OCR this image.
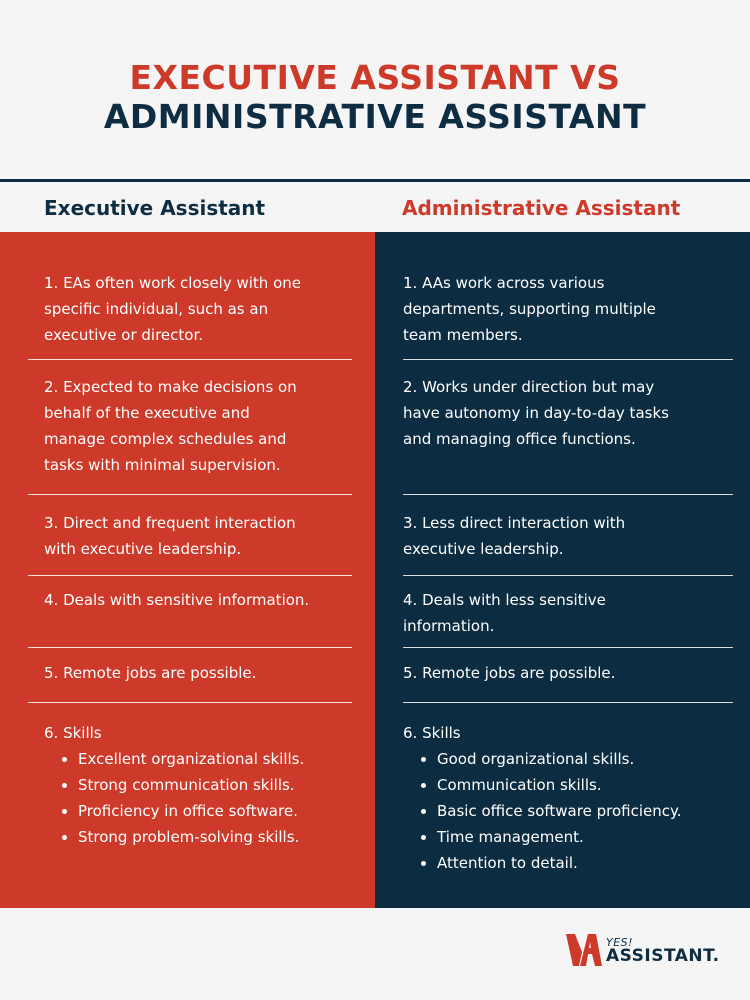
EXECUTIVE ASSISTANT VS
ADMINISTRATIVE ASSISTANT
Executive Assistant	Administrative Assistant
1. EAs often work closely with one specific individual, such as an executive or director.
2. Expected to make decisions on behalf of the executive and manage complex schedules and tasks with minimal supervision.
3. Direct and frequent interaction with executive leadership.
4. Deals with sensitive information.
5. Remote jobs are possible.
6. Skills
• Excellent organizational skills.
• Strong communication skills.
• Proficiency in office software.
• Strong problem-solving skills.
1. AAs work across various departments, supporting multiple team members.
2. Works under direction but may have autonomy in day-to-day tasks and managing office functions.
3. Less direct interaction with executive leadership.
4. Deals with less sensitive information.
5. Remote jobs are possible.
6. Skills
• Good organizational skills.
• Communication skills.
• Basic office software proficiency.
• Time management.
• Attention to detail.
YES!
ASSISTANT.
